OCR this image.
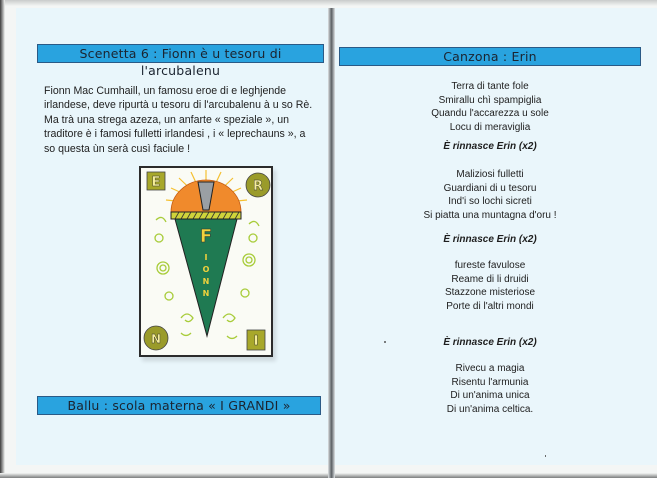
Scenetta 6 : Fionn è u tesoru di l'arcubalenu
Fionn Mac Cumhaill, un famosu eroe di e leghjende irlandese, deve ripurtà u tesoru di l'arcubalenu à u so Rè. Ma trà una strega azeza, un anfarte « speziale », un traditore è i famosi fulletti irlandesi , i « leprechauns », a so questa ùn serà cusì faciule !
F
I
O
N
N
E	R
N	I
Ballu : scola materna « I GRANDI »
Canzona : Erin
Terra di tante fole
Smirallu chì spampiglia
Quandu l'accarezza u sole
Locu di meraviglia
È rinnasce Erin (x2)
Maliziosi fulletti
Guardiani di u tesoru
Ind'i so lochi sicreti
Si piatta una muntagna d'oru !
È rinnasce Erin (x2)
fureste favulose
Reame di li druidi
Stazzone misteriose
Porte di l'altri mondi
È rinnasce Erin (x2)
Rivecu a magia
Risentu l'armunia
Di un'anima unica
Di un'anima celtica.
